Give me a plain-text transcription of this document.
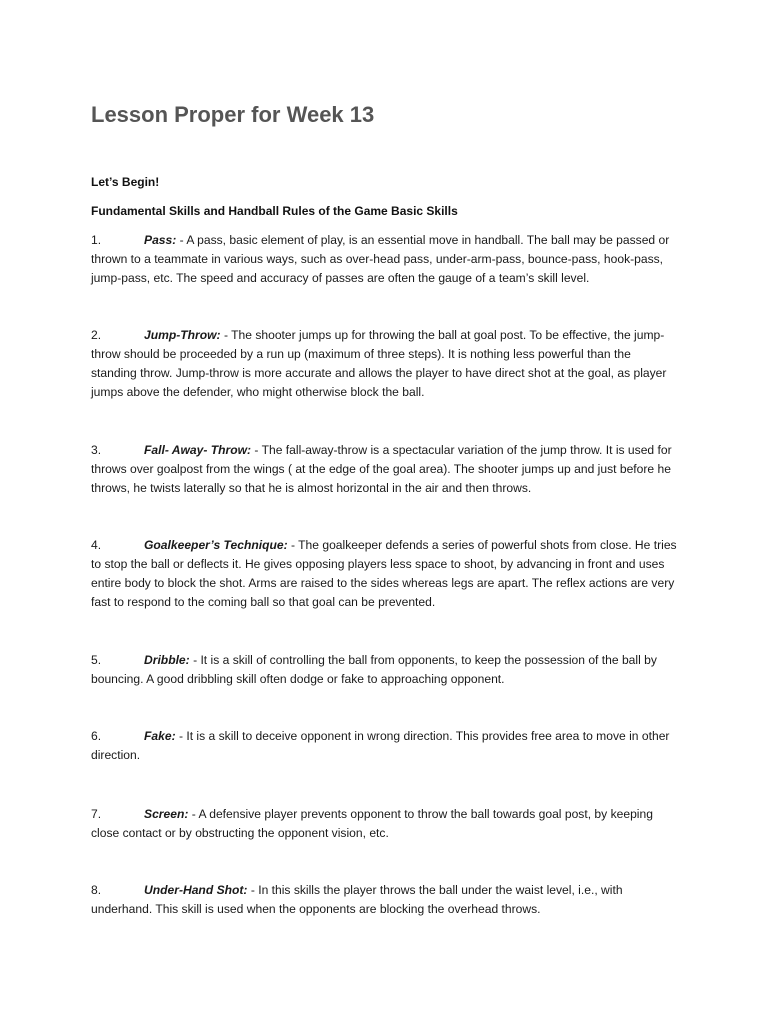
Lesson Proper for Week 13

Let’s Begin!

Fundamental Skills and Handball Rules of the Game Basic Skills

1.	Pass: - A pass, basic element of play, is an essential move in handball. The ball may be passed or thrown to a teammate in various ways, such as over-head pass, under-arm-pass, bounce-pass, hook-pass, jump-pass, etc. The speed and accuracy of passes are often the gauge of a team’s skill level.

2.	Jump-Throw: - The shooter jumps up for throwing the ball at goal post. To be effective, the jump- throw should be proceeded by a run up (maximum of three steps). It is nothing less powerful than the standing throw. Jump-throw is more accurate and allows the player to have direct shot at the goal, as player jumps above the defender, who might otherwise block the ball.

3.	Fall- Away- Throw: - The fall-away-throw is a spectacular variation of the jump throw. It is used for throws over goalpost from the wings ( at the edge of the goal area). The shooter jumps up and just before he throws, he twists laterally so that he is almost horizontal in the air and then throws.

4.	Goalkeeper’s Technique: - The goalkeeper defends a series of powerful shots from close. He tries to stop the ball or deflects it. He gives opposing players less space to shoot, by advancing in front and uses entire body to block the shot. Arms are raised to the sides whereas legs are apart. The reflex actions are very fast to respond to the coming ball so that goal can be prevented.

5.	Dribble: - It is a skill of controlling the ball from opponents, to keep the possession of the ball by bouncing. A good dribbling skill often dodge or fake to approaching opponent.

6.	Fake: - It is a skill to deceive opponent in wrong direction. This provides free area to move in other direction.

7.	Screen: - A defensive player prevents opponent to throw the ball towards goal post, by keeping close contact or by obstructing the opponent vision, etc.

8.	Under-Hand Shot: - In this skills the player throws the ball under the waist level, i.e., with underhand. This skill is used when the opponents are blocking the overhead throws.
